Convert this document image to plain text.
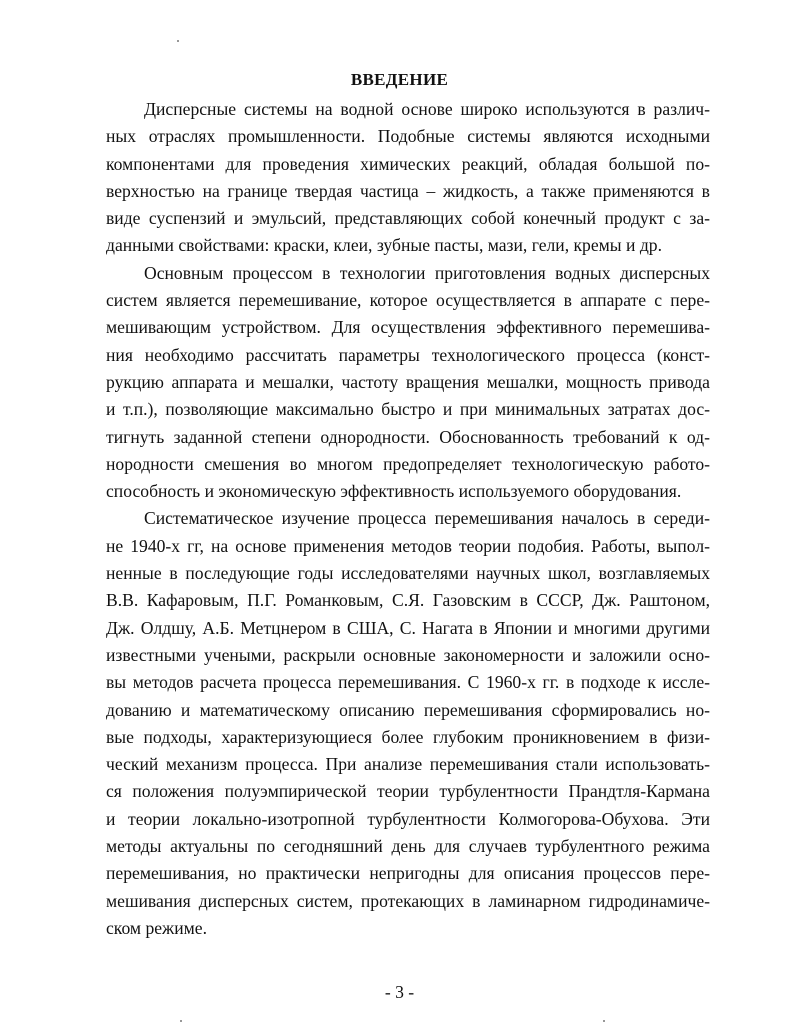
ВВЕДЕНИЕ
Дисперсные системы на водной основе широко используются в различ-
ных отраслях промышленности. Подобные системы являются исходными
компонентами для проведения химических реакций, обладая большой по-
верхностью на границе твердая частица – жидкость, а также применяются в
виде суспензий и эмульсий, представляющих собой конечный продукт с за-
данными свойствами: краски, клеи, зубные пасты, мази, гели, кремы и др.
Основным процессом в технологии приготовления водных дисперсных
систем является перемешивание, которое осуществляется в аппарате с пере-
мешивающим устройством. Для осуществления эффективного перемешива-
ния необходимо рассчитать параметры технологического процесса (конст-
рукцию аппарата и мешалки, частоту вращения мешалки, мощность привода
и т.п.), позволяющие максимально быстро и при минимальных затратах дос-
тигнуть заданной степени однородности. Обоснованность требований к од-
нородности смешения во многом предопределяет технологическую работо-
способность и экономическую эффективность используемого оборудования.
Систематическое изучение процесса перемешивания началось в середи-
не 1940-х гг, на основе применения методов теории подобия. Работы, выпол-
ненные в последующие годы исследователями научных школ, возглавляемых
В.В. Кафаровым, П.Г. Романковым, С.Я. Газовским в СССР, Дж. Раштоном,
Дж. Олдшу, А.Б. Метцнером в США, С. Нагата в Японии и многими другими
известными учеными, раскрыли основные закономерности и заложили осно-
вы методов расчета процесса перемешивания. С 1960-х гг. в подходе к иссле-
дованию и математическому описанию перемешивания сформировались но-
вые подходы, характеризующиеся более глубоким проникновением в физи-
ческий механизм процесса. При анализе перемешивания стали использовать-
ся положения полуэмпирической теории турбулентности Прандтля-Кармана
и теории локально-изотропной турбулентности Колмогорова-Обухова. Эти
методы актуальны по сегодняшний день для случаев турбулентного режима
перемешивания, но практически непригодны для описания процессов пере-
мешивания дисперсных систем, протекающих в ламинарном гидродинамиче-
ском режиме.
- 3 -
